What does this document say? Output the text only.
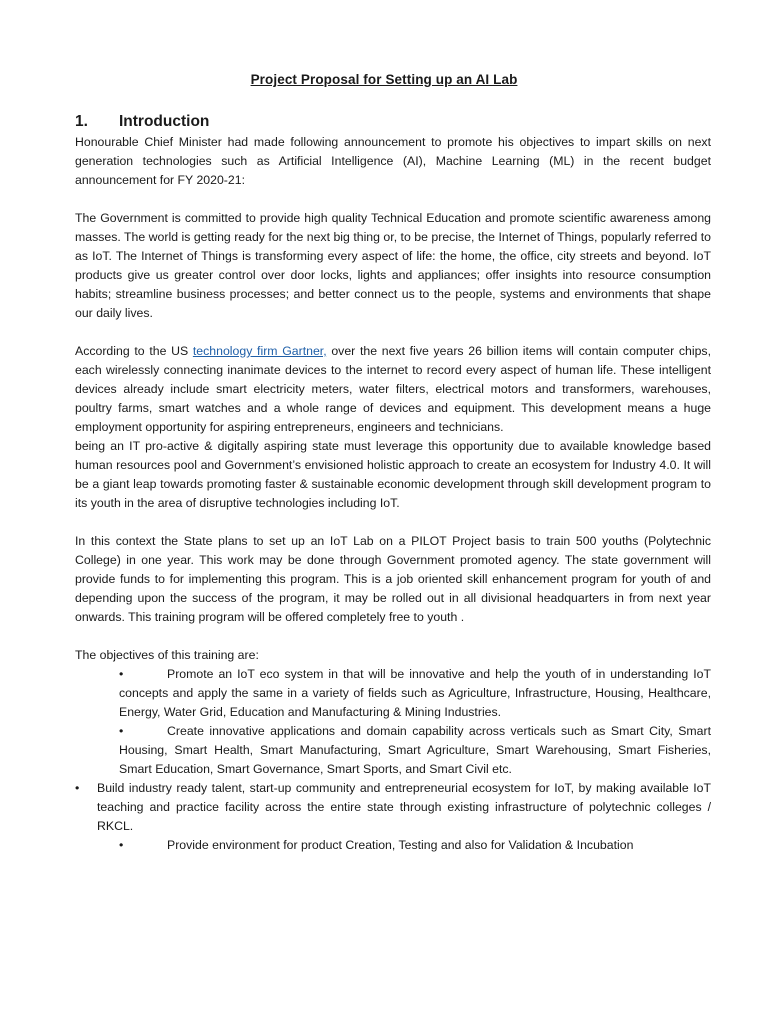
Project Proposal for Setting up an AI Lab
1. Introduction

Honourable Chief Minister had made following announcement to promote his objectives to impart skills on next generation technologies such as Artificial Intelligence (AI), Machine Learning (ML) in the recent budget announcement for FY 2020-21:

The Government is committed to provide high quality Technical Education and promote scientific awareness among masses. The world is getting ready for the next big thing or, to be precise, the Internet of Things, popularly referred to as IoT. The Internet of Things is transforming every aspect of life: the home, the office, city streets and beyond. IoT products give us greater control over door locks, lights and appliances; offer insights into resource consumption habits; streamline business processes; and better connect us to the people, systems and environments that shape our daily lives.

According to the US technology firm Gartner, over the next five years 26 billion items will contain computer chips, each wirelessly connecting inanimate devices to the internet to record every aspect of human life. These intelligent devices already include smart electricity meters, water filters, electrical motors and transformers, warehouses, poultry farms, smart watches and a whole range of devices and equipment. This development means a huge employment opportunity for aspiring entrepreneurs, engineers and technicians.

being an IT pro-active & digitally aspiring state must leverage this opportunity due to available knowledge based human resources pool and Government’s envisioned holistic approach to create an ecosystem for Industry 4.0. It will be a giant leap towards promoting faster & sustainable economic development through skill development program to its youth in the area of disruptive technologies including IoT.

In this context the State plans to set up an IoT Lab on a PILOT Project basis to train 500 youths (Polytechnic College) in one year. This work may be done through Government promoted agency. The state government will provide funds to for implementing this program. This is a job oriented skill enhancement program for youth of and depending upon the success of the program, it may be rolled out in all divisional headquarters in from next year onwards. This training program will be offered completely free to youth .

The objectives of this training are:

•	Promote an IoT eco system in that will be innovative and help the youth of in understanding IoT concepts and apply the same in a variety of fields such as Agriculture, Infrastructure, Housing, Healthcare, Energy, Water Grid, Education and Manufacturing & Mining Industries.
•	Create innovative applications and domain capability across verticals such as Smart City, Smart Housing, Smart Health, Smart Manufacturing, Smart Agriculture, Smart Warehousing, Smart Fisheries, Smart Education, Smart Governance, Smart Sports, and Smart Civil etc.
• Build industry ready talent, start-up community and entrepreneurial ecosystem for IoT, by making available IoT teaching and practice facility across the entire state through existing infrastructure of polytechnic colleges / RKCL.
•	Provide environment for product Creation, Testing and also for Validation & Incubation
